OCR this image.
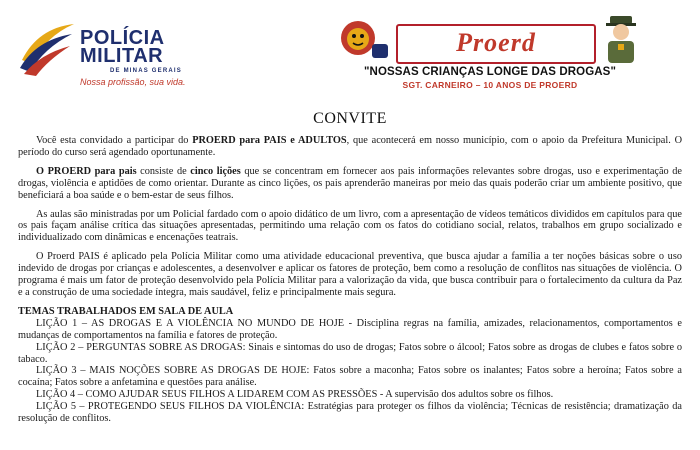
POLÍCIA
MILITAR
DE MINAS GERAIS
Nossa profissão, sua vida.
Proerd
"NOSSAS CRIANÇAS LONGE DAS DROGAS"
SGT. CARNEIRO – 10 ANOS DE PROERD
CONVITE

Você esta convidado a participar do PROERD para PAIS e ADULTOS, que acontecerá em nosso município, com o apoio da Prefeitura Municipal. O período do curso será agendado oportunamente.

O PROERD para pais consiste de cinco lições que se concentram em fornecer aos pais informações relevantes sobre drogas, uso e experimentação de drogas, violência e aptidões de como orientar. Durante as cinco lições, os pais aprenderão maneiras por meio das quais poderão criar um ambiente positivo, que beneficiará a boa saúde e o bem-estar de seus filhos.

As aulas são ministradas por um Policial fardado com o apoio didático de um livro, com a apresentação de vídeos temáticos divididos em capítulos para que os pais façam análise crítica das situações apresentadas, permitindo uma relação com os fatos do cotidiano social, relatos, trabalhos em grupo socializado e individualizado com dinâmicas e encenações teatrais.

O Proerd PAIS é aplicado pela Polícia Militar como uma atividade educacional preventiva, que busca ajudar a família a ter noções básicas sobre o uso indevido de drogas por crianças e adolescentes, a desenvolver e aplicar os fatores de proteção, bem como a resolução de conflitos nas situações de violência. O programa é mais um fator de proteção desenvolvido pela Polícia Militar para a valorização da vida, que busca contribuir para o fortalecimento da cultura da Paz e a construção de uma sociedade íntegra, mais saudável, feliz e principalmente mais segura.

TEMAS TRABALHADOS EM SALA DE AULA

LIÇÃO 1 – AS DROGAS E A VIOLÊNCIA NO MUNDO DE HOJE - Disciplina regras na família, amizades, relacionamentos, comportamentos e mudanças de comportamentos na família e fatores de proteção.

LIÇÃO 2 – PERGUNTAS SOBRE AS DROGAS: Sinais e sintomas do uso de drogas; Fatos sobre o álcool; Fatos sobre as drogas de clubes e fatos sobre o tabaco.

LIÇÃO 3 – MAIS NOÇÕES SOBRE AS DROGAS DE HOJE: Fatos sobre a maconha; Fatos sobre os inalantes; Fatos sobre a heroína; Fatos sobre a cocaína; Fatos sobre a anfetamina e questões para análise.

LIÇÃO 4 – COMO AJUDAR SEUS FILHOS A LIDAREM COM AS PRESSÕES - A supervisão dos adultos sobre os filhos.

LIÇÃO 5 – PROTEGENDO SEUS FILHOS DA VIOLÊNCIA: Estratégias para proteger os filhos da violência; Técnicas de resistência; dramatização da resolução de conflitos.
